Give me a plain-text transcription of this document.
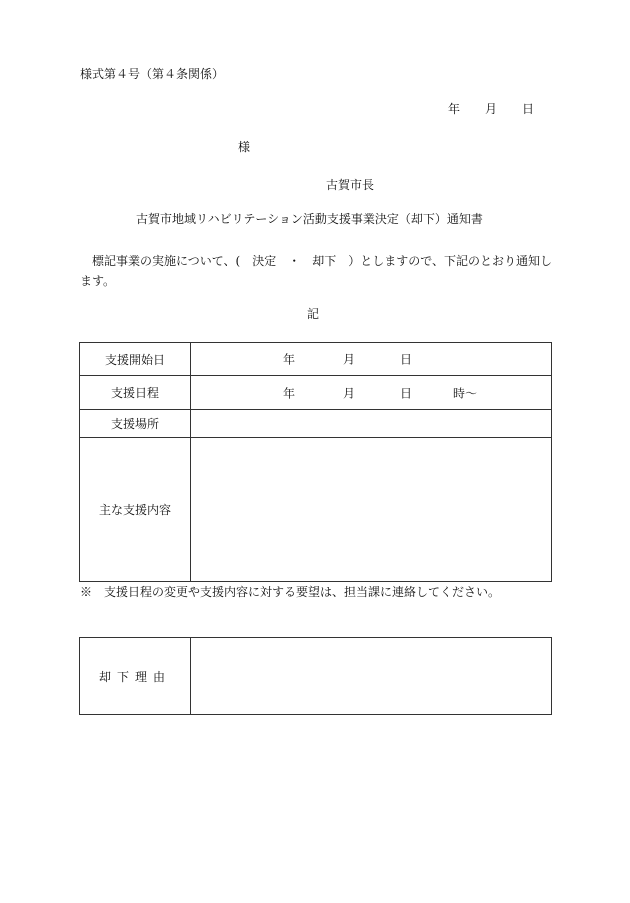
様式第４号（第４条関係）
年 月 日
様
古賀市長
古賀市地域リハビリテーション活動支援事業決定（却下）通知書
標記事業の実施について、(　決定　・　却下　）としますので、下記のとおり通知します。
記
支援開始日	年 月 日

支援日程	年 月 日 時～

支援場所	
主な支援内容	
※　支援日程の変更や支援内容に対する要望は、担当課に連絡してください。
却下理由	
